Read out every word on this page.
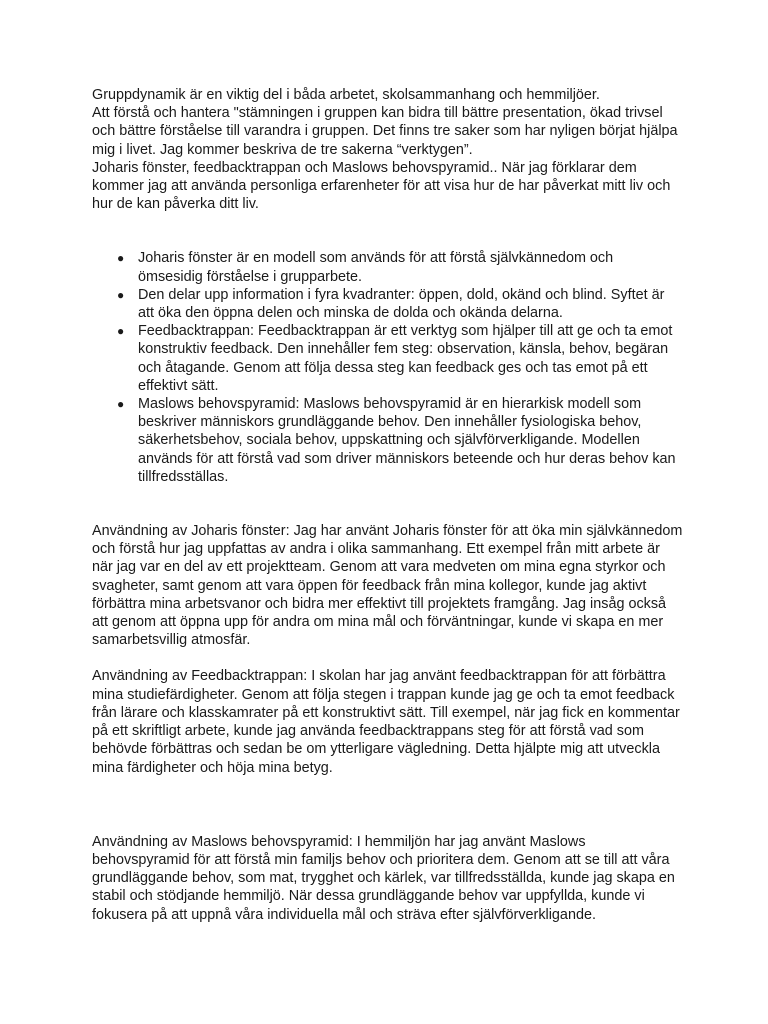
Gruppdynamik är en viktig del i båda arbetet, skolsammanhang och hemmiljöer.
Att förstå och hantera "stämningen i gruppen kan bidra till bättre presentation, ökad trivsel
och bättre förståelse till varandra i gruppen. Det finns tre saker som har nyligen börjat hjälpa
mig i livet. Jag kommer beskriva de tre sakerna “verktygen”.
Joharis fönster, feedbacktrappan och Maslows behovspyramid.. När jag förklarar dem
kommer jag att använda personliga erfarenheter för att visa hur de har påverkat mitt liv och
hur de kan påverka ditt liv.

● Joharis fönster är en modell som används för att förstå självkännedom och
ömsesidig förståelse i grupparbete.
● Den delar upp information i fyra kvadranter: öppen, dold, okänd och blind. Syftet är
att öka den öppna delen och minska de dolda och okända delarna.
● Feedbacktrappan: Feedbacktrappan är ett verktyg som hjälper till att ge och ta emot
konstruktiv feedback. Den innehåller fem steg: observation, känsla, behov, begäran
och åtagande. Genom att följa dessa steg kan feedback ges och tas emot på ett
effektivt sätt.
● Maslows behovspyramid: Maslows behovspyramid är en hierarkisk modell som
beskriver människors grundläggande behov. Den innehåller fysiologiska behov,
säkerhetsbehov, sociala behov, uppskattning och självförverkligande. Modellen
används för att förstå vad som driver människors beteende och hur deras behov kan
tillfredsställas.

Användning av Joharis fönster: Jag har använt Joharis fönster för att öka min självkännedom
och förstå hur jag uppfattas av andra i olika sammanhang. Ett exempel från mitt arbete är
när jag var en del av ett projektteam. Genom att vara medveten om mina egna styrkor och
svagheter, samt genom att vara öppen för feedback från mina kollegor, kunde jag aktivt
förbättra mina arbetsvanor och bidra mer effektivt till projektets framgång. Jag insåg också
att genom att öppna upp för andra om mina mål och förväntningar, kunde vi skapa en mer
samarbetsvillig atmosfär.

Användning av Feedbacktrappan: I skolan har jag använt feedbacktrappan för att förbättra
mina studiefärdigheter. Genom att följa stegen i trappan kunde jag ge och ta emot feedback
från lärare och klasskamrater på ett konstruktivt sätt. Till exempel, när jag fick en kommentar
på ett skriftligt arbete, kunde jag använda feedbacktrappans steg för att förstå vad som
behövde förbättras och sedan be om ytterligare vägledning. Detta hjälpte mig att utveckla
mina färdigheter och höja mina betyg.

Användning av Maslows behovspyramid: I hemmiljön har jag använt Maslows
behovspyramid för att förstå min familjs behov och prioritera dem. Genom att se till att våra
grundläggande behov, som mat, trygghet och kärlek, var tillfredsställda, kunde jag skapa en
stabil och stödjande hemmiljö. När dessa grundläggande behov var uppfyllda, kunde vi
fokusera på att uppnå våra individuella mål och sträva efter självförverkligande.
